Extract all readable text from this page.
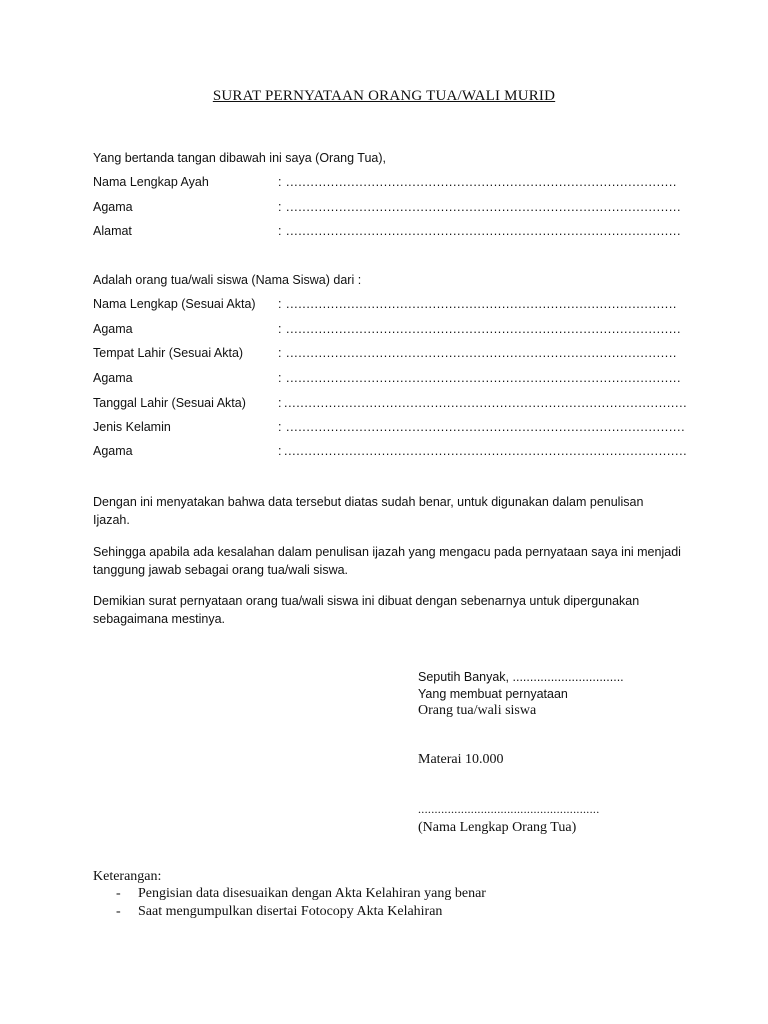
SURAT PERNYATAAN ORANG TUA/WALI MURID
Yang bertanda tangan dibawah ini saya (Orang Tua),
Nama Lengkap Ayah	: ................................................................................................
Agama	: .................................................................................................
Alamat	: .................................................................................................
Adalah orang tua/wali siswa (Nama Siswa) dari :
Nama Lengkap (Sesuai Akta) : ................................................................................................
Agama	: .................................................................................................
Tempat Lahir (Sesuai Akta)	: ................................................................................................
Agama	: .................................................................................................
Tanggal Lahir (Sesuai Akta)	: ...................................................................................................
Jenis Kelamin	: ..................................................................................................
Agama	: ...................................................................................................
Dengan ini menyatakan bahwa data tersebut diatas sudah benar, untuk digunakan dalam penulisan Ijazah.
Sehingga apabila ada kesalahan dalam penulisan ijazah yang mengacu pada pernyataan saya ini menjadi tanggung jawab sebagai orang tua/wali siswa.
Demikian surat pernyataan orang tua/wali siswa ini dibuat dengan sebenarnya untuk dipergunakan sebagaimana mestinya.
Seputih Banyak, ................................
Yang membuat pernyataan
Orang tua/wali siswa
Materai 10.000
.......................................................
(Nama Lengkap Orang Tua)
Keterangan:
- Pengisian data disesuaikan dengan Akta Kelahiran yang benar
- Saat mengumpulkan disertai Fotocopy Akta Kelahiran
